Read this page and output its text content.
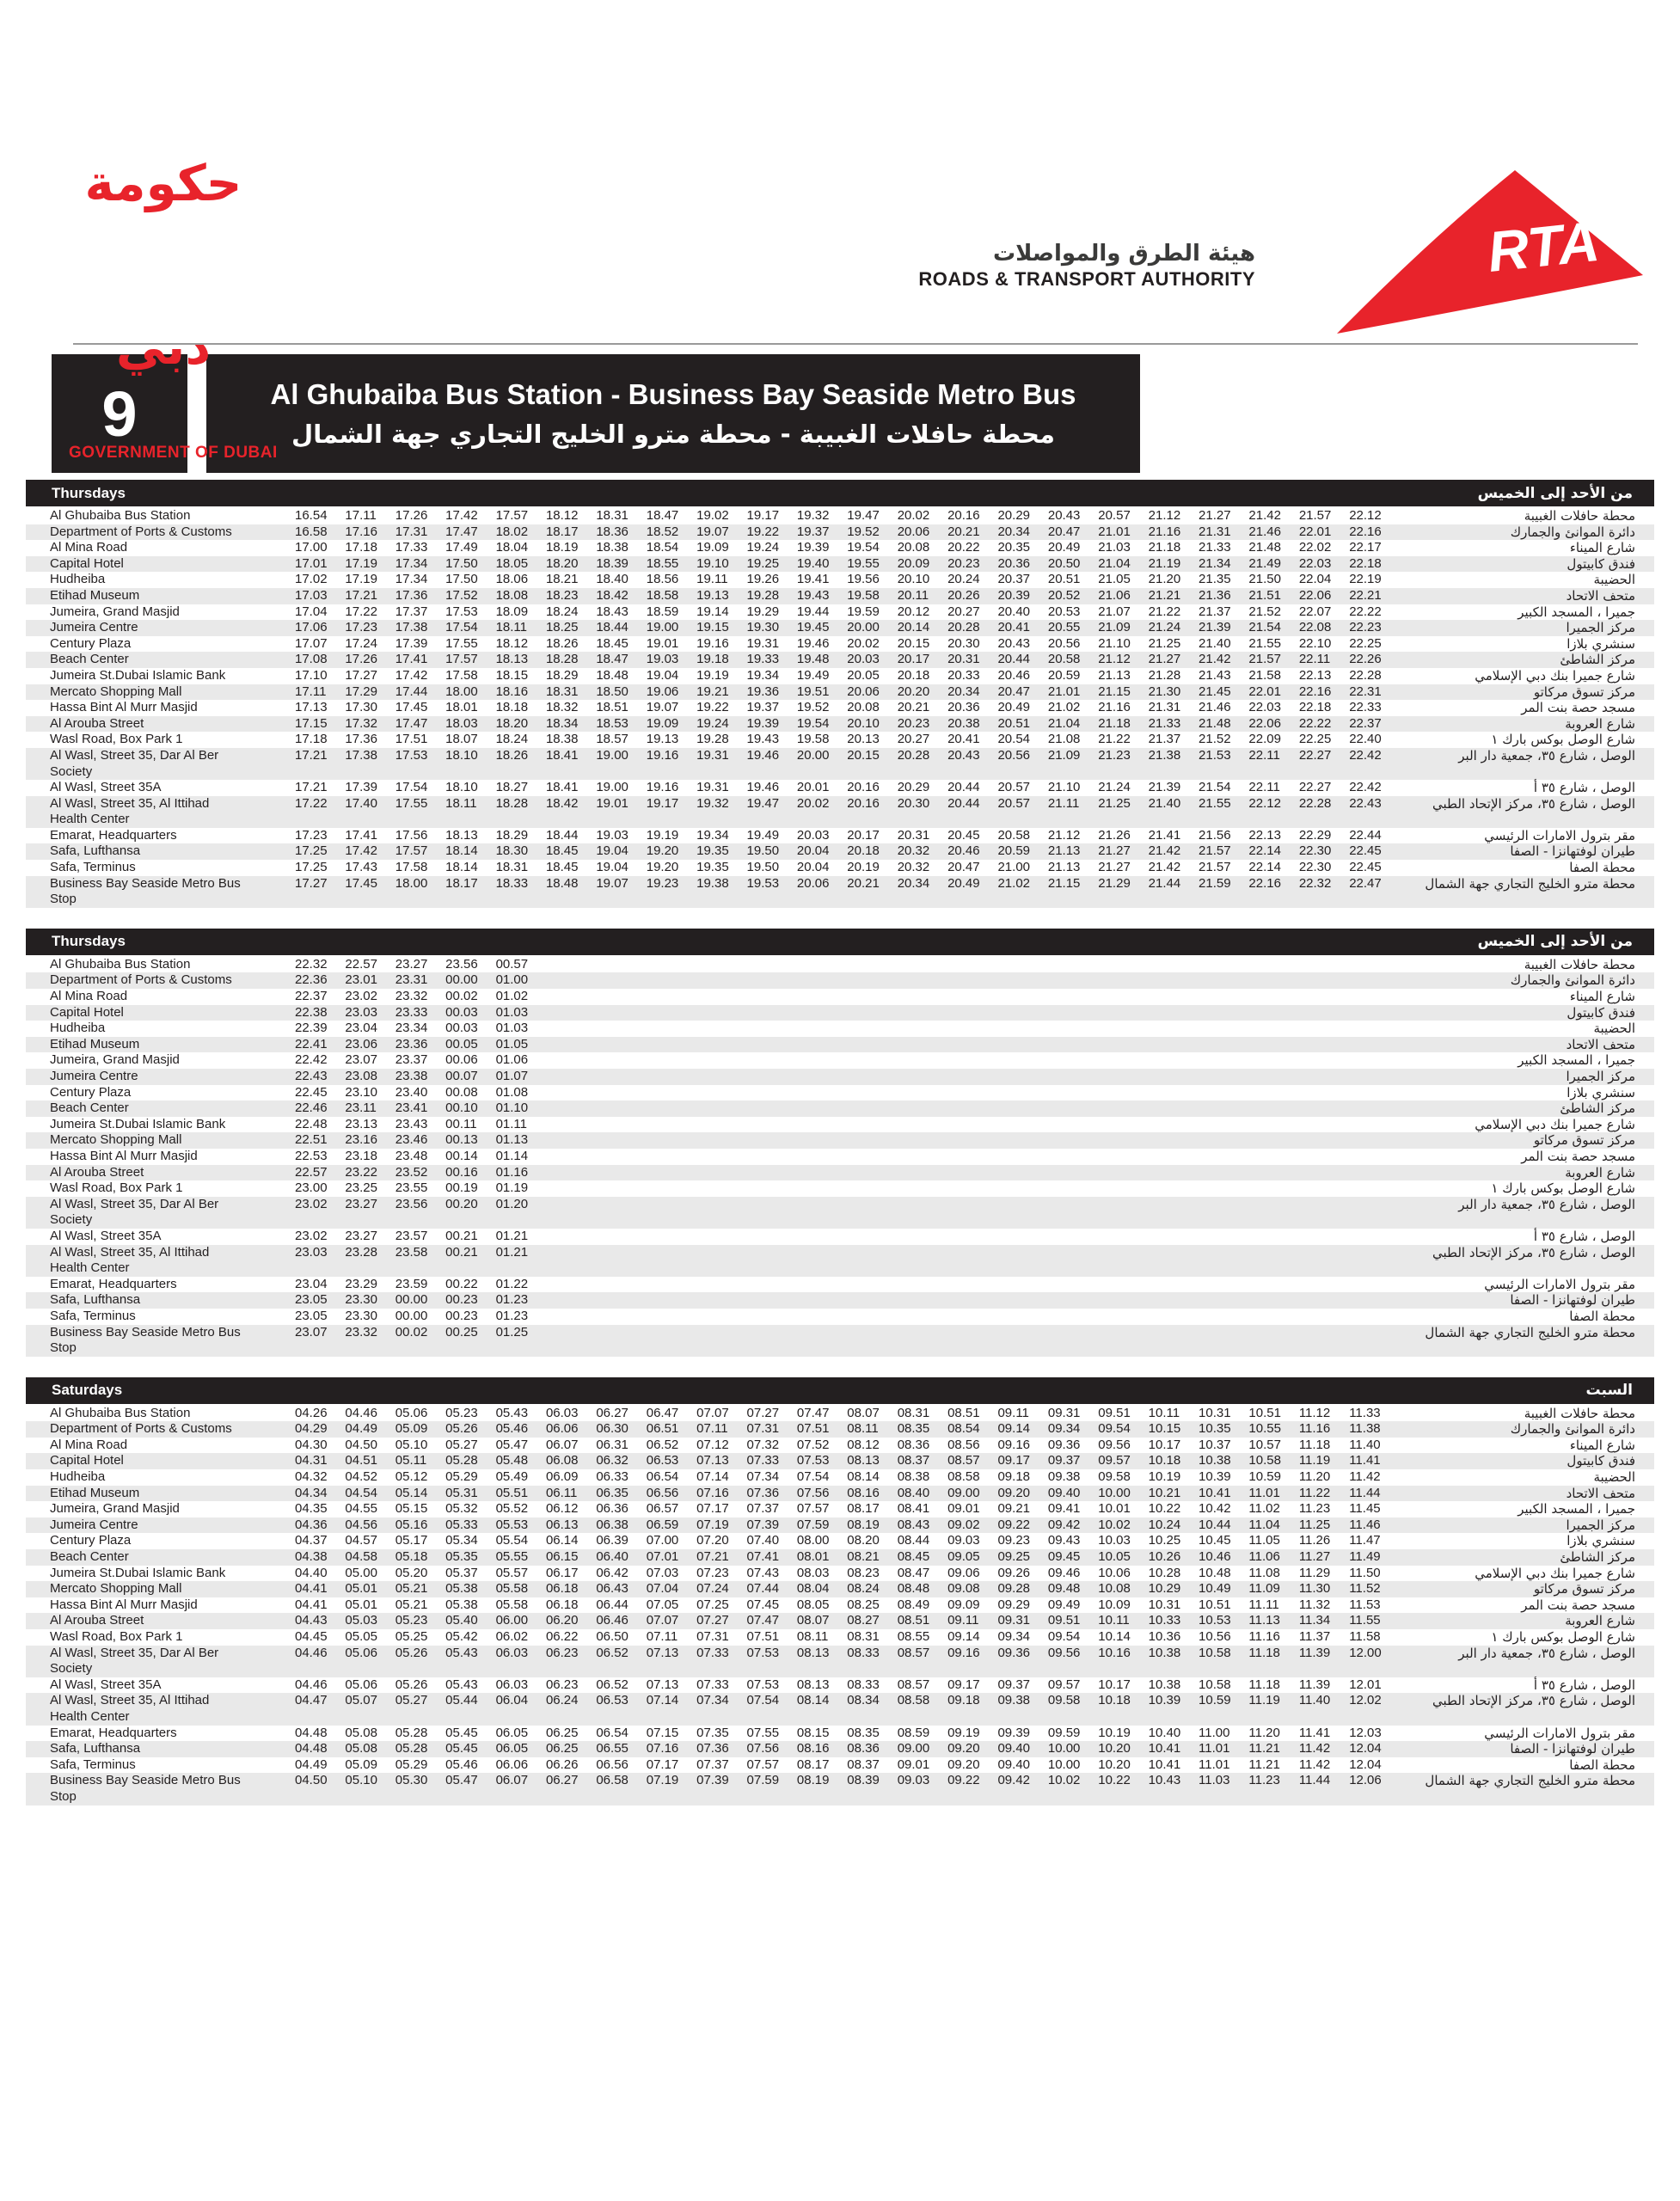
حكومة دبي
GOVERNMENT OF DUBAI
هيئة الطرق والمواصلات
ROADS & TRANSPORT AUTHORITY	RTA
9	Al Ghubaiba Bus Station - Business Bay Seaside Metro Bus
محطة حافلات الغبيبة - محطة مترو الخليج التجاري جهة الشمال
Thursdays	من الأحد إلى الخميس
Al Ghubaiba Bus Station	16.54 17.11 17.26 17.42 17.57 18.12 18.31 18.47 19.02 19.17 19.32 19.47 20.02 20.16 20.29 20.43 20.57 21.12 21.27 21.42 21.57 22.12	محطة حافلات الغبيبة
Department of Ports & Customs	16.58 17.16 17.31 17.47 18.02 18.17 18.36 18.52 19.07 19.22 19.37 19.52 20.06 20.21 20.34 20.47 21.01 21.16 21.31 21.46 22.01 22.16	دائرة الموانئ والجمارك
Al Mina Road	17.00 17.18 17.33 17.49 18.04 18.19 18.38 18.54 19.09 19.24 19.39 19.54 20.08 20.22 20.35 20.49 21.03 21.18 21.33 21.48 22.02 22.17	شارع الميناء
Capital Hotel	17.01 17.19 17.34 17.50 18.05 18.20 18.39 18.55 19.10 19.25 19.40 19.55 20.09 20.23 20.36 20.50 21.04 21.19 21.34 21.49 22.03 22.18	فندق كابيتول
Hudheiba	17.02 17.19 17.34 17.50 18.06 18.21 18.40 18.56 19.11 19.26 19.41 19.56 20.10 20.24 20.37 20.51 21.05 21.20 21.35 21.50 22.04 22.19	الحضيبة
Etihad Museum	17.03 17.21 17.36 17.52 18.08 18.23 18.42 18.58 19.13 19.28 19.43 19.58 20.11 20.26 20.39 20.52 21.06 21.21 21.36 21.51 22.06 22.21	متحف الاتحاد
Jumeira, Grand Masjid	17.04 17.22 17.37 17.53 18.09 18.24 18.43 18.59 19.14 19.29 19.44 19.59 20.12 20.27 20.40 20.53 21.07 21.22 21.37 21.52 22.07 22.22	جميرا ، المسجد الكبير
Jumeira Centre	17.06 17.23 17.38 17.54 18.11 18.25 18.44 19.00 19.15 19.30 19.45 20.00 20.14 20.28 20.41 20.55 21.09 21.24 21.39 21.54 22.08 22.23	مركز الجميرا
Century Plaza	17.07 17.24 17.39 17.55 18.12 18.26 18.45 19.01 19.16 19.31 19.46 20.02 20.15 20.30 20.43 20.56 21.10 21.25 21.40 21.55 22.10 22.25	سنشري بلازا
Beach Center	17.08 17.26 17.41 17.57 18.13 18.28 18.47 19.03 19.18 19.33 19.48 20.03 20.17 20.31 20.44 20.58 21.12 21.27 21.42 21.57 22.11 22.26	مركز الشاطئ
Jumeira St.Dubai Islamic Bank	17.10 17.27 17.42 17.58 18.15 18.29 18.48 19.04 19.19 19.34 19.49 20.05 20.18 20.33 20.46 20.59 21.13 21.28 21.43 21.58 22.13 22.28	شارع جميرا بنك دبي الإسلامي
Mercato Shopping Mall	17.11 17.29 17.44 18.00 18.16 18.31 18.50 19.06 19.21 19.36 19.51 20.06 20.20 20.34 20.47 21.01 21.15 21.30 21.45 22.01 22.16 22.31	مركز تسوق مركاتو
Hassa Bint Al Murr Masjid	17.13 17.30 17.45 18.01 18.18 18.32 18.51 19.07 19.22 19.37 19.52 20.08 20.21 20.36 20.49 21.02 21.16 21.31 21.46 22.03 22.18 22.33	مسجد حصة بنت المر
Al Arouba Street	17.15 17.32 17.47 18.03 18.20 18.34 18.53 19.09 19.24 19.39 19.54 20.10 20.23 20.38 20.51 21.04 21.18 21.33 21.48 22.06 22.22 22.37	شارع العروبة
Wasl Road, Box Park 1	17.18 17.36 17.51 18.07 18.24 18.38 18.57 19.13 19.28 19.43 19.58 20.13 20.27 20.41 20.54 21.08 21.22 21.37 21.52 22.09 22.25 22.40	شارع الوصل بوكس بارك ١
Al Wasl, Street 35, Dar Al Ber Society
17.21 17.38 17.53 18.10 18.26 18.41 19.00 19.16 19.31 19.46 20.00 20.15 20.28 20.43 20.56 21.09 21.23 21.38 21.53 22.11 22.27 22.42	الوصل ، شارع ٣٥، جمعية دار البر
Al Wasl, Street 35A	17.21 17.39 17.54 18.10 18.27 18.41 19.00 19.16 19.31 19.46 20.01 20.16 20.29 20.44 20.57 21.10 21.24 21.39 21.54 22.11 22.27 22.42	الوصل ، شارع ٣٥ أ
Al Wasl, Street 35, Al Ittihad Health Center
17.22 17.40 17.55 18.11 18.28 18.42 19.01 19.17 19.32 19.47 20.02 20.16 20.30 20.44 20.57 21.11 21.25 21.40 21.55 22.12 22.28 22.43	الوصل ، شارع ٣٥، مركز الإتحاد الطبي
Emarat, Headquarters	17.23 17.41 17.56 18.13 18.29 18.44 19.03 19.19 19.34 19.49 20.03 20.17 20.31 20.45 20.58 21.12 21.26 21.41 21.56 22.13 22.29 22.44	مقر بترول الامارات الرئيسي
Safa, Lufthansa	17.25 17.42 17.57 18.14 18.30 18.45 19.04 19.20 19.35 19.50 20.04 20.18 20.32 20.46 20.59 21.13 21.27 21.42 21.57 22.14 22.30 22.45	طيران لوفتهانزا - الصفا
Safa, Terminus	17.25 17.43 17.58 18.14 18.31 18.45 19.04 19.20 19.35 19.50 20.04 20.19 20.32 20.47 21.00 21.13 21.27 21.42 21.57 22.14 22.30 22.45	محطة الصفا
Business Bay Seaside Metro Bus Stop
17.27 17.45 18.00 18.17 18.33 18.48 19.07 19.23 19.38 19.53 20.06 20.21 20.34 20.49 21.02 21.15 21.29 21.44 21.59 22.16 22.32 22.47	محطة مترو الخليج التجاري جهة الشمال
Thursdays	من الأحد إلى الخميس
Al Ghubaiba Bus Station	22.32 22.57 23.27 23.56 00.57	محطة حافلات الغبيبة
Department of Ports & Customs	22.36 23.01 23.31 00.00 01.00	دائرة الموانئ والجمارك
Al Mina Road	22.37 23.02 23.32 00.02 01.02	شارع الميناء
Capital Hotel	22.38 23.03 23.33 00.03 01.03	فندق كابيتول
Hudheiba	22.39 23.04 23.34 00.03 01.03	الحضيبة
Etihad Museum	22.41 23.06 23.36 00.05 01.05	متحف الاتحاد
Jumeira, Grand Masjid	22.42 23.07 23.37 00.06 01.06	جميرا ، المسجد الكبير
Jumeira Centre	22.43 23.08 23.38 00.07 01.07	مركز الجميرا
Century Plaza	22.45 23.10 23.40 00.08 01.08	سنشري بلازا
Beach Center	22.46 23.11 23.41 00.10 01.10	مركز الشاطئ
Jumeira St.Dubai Islamic Bank	22.48 23.13 23.43 00.11 01.11	شارع جميرا بنك دبي الإسلامي
Mercato Shopping Mall	22.51 23.16 23.46 00.13 01.13	مركز تسوق مركاتو
Hassa Bint Al Murr Masjid	22.53 23.18 23.48 00.14 01.14	مسجد حصة بنت المر
Al Arouba Street	22.57 23.22 23.52 00.16 01.16	شارع العروبة
Wasl Road, Box Park 1	23.00 23.25 23.55 00.19 01.19	شارع الوصل بوكس بارك ١
Al Wasl, Street 35, Dar Al Ber Society
23.02 23.27 23.56 00.20 01.20	الوصل ، شارع ٣٥، جمعية دار البر
Al Wasl, Street 35A	23.02 23.27 23.57 00.21 01.21	الوصل ، شارع ٣٥ أ
Al Wasl, Street 35, Al Ittihad Health Center
23.03 23.28 23.58 00.21 01.21	الوصل ، شارع ٣٥، مركز الإتحاد الطبي
Emarat, Headquarters	23.04 23.29 23.59 00.22 01.22	مقر بترول الامارات الرئيسي
Safa, Lufthansa	23.05 23.30 00.00 00.23 01.23	طيران لوفتهانزا - الصفا
Safa, Terminus	23.05 23.30 00.00 00.23 01.23	محطة الصفا
Business Bay Seaside Metro Bus Stop
23.07 23.32 00.02 00.25 01.25	محطة مترو الخليج التجاري جهة الشمال
Saturdays	السبت
Al Ghubaiba Bus Station	04.26 04.46 05.06 05.23 05.43 06.03 06.27 06.47 07.07 07.27 07.47 08.07 08.31 08.51 09.11 09.31 09.51 10.11 10.31 10.51 11.12 11.33	محطة حافلات الغبيبة
Department of Ports & Customs	04.29 04.49 05.09 05.26 05.46 06.06 06.30 06.51 07.11 07.31 07.51 08.11 08.35 08.54 09.14 09.34 09.54 10.15 10.35 10.55 11.16 11.38	دائرة الموانئ والجمارك
Al Mina Road	04.30 04.50 05.10 05.27 05.47 06.07 06.31 06.52 07.12 07.32 07.52 08.12 08.36 08.56 09.16 09.36 09.56 10.17 10.37 10.57 11.18 11.40	شارع الميناء
Capital Hotel	04.31 04.51 05.11 05.28 05.48 06.08 06.32 06.53 07.13 07.33 07.53 08.13 08.37 08.57 09.17 09.37 09.57 10.18 10.38 10.58 11.19 11.41	فندق كابيتول
Hudheiba	04.32 04.52 05.12 05.29 05.49 06.09 06.33 06.54 07.14 07.34 07.54 08.14 08.38 08.58 09.18 09.38 09.58 10.19 10.39 10.59 11.20 11.42	الحضيبة
Etihad Museum	04.34 04.54 05.14 05.31 05.51 06.11 06.35 06.56 07.16 07.36 07.56 08.16 08.40 09.00 09.20 09.40 10.00 10.21 10.41 11.01 11.22 11.44	متحف الاتحاد
Jumeira, Grand Masjid	04.35 04.55 05.15 05.32 05.52 06.12 06.36 06.57 07.17 07.37 07.57 08.17 08.41 09.01 09.21 09.41 10.01 10.22 10.42 11.02 11.23 11.45	جميرا ، المسجد الكبير
Jumeira Centre	04.36 04.56 05.16 05.33 05.53 06.13 06.38 06.59 07.19 07.39 07.59 08.19 08.43 09.02 09.22 09.42 10.02 10.24 10.44 11.04 11.25 11.46	مركز الجميرا
Century Plaza	04.37 04.57 05.17 05.34 05.54 06.14 06.39 07.00 07.20 07.40 08.00 08.20 08.44 09.03 09.23 09.43 10.03 10.25 10.45 11.05 11.26 11.47	سنشري بلازا
Beach Center	04.38 04.58 05.18 05.35 05.55 06.15 06.40 07.01 07.21 07.41 08.01 08.21 08.45 09.05 09.25 09.45 10.05 10.26 10.46 11.06 11.27 11.49	مركز الشاطئ
Jumeira St.Dubai Islamic Bank	04.40 05.00 05.20 05.37 05.57 06.17 06.42 07.03 07.23 07.43 08.03 08.23 08.47 09.06 09.26 09.46 10.06 10.28 10.48 11.08 11.29 11.50	شارع جميرا بنك دبي الإسلامي
Mercato Shopping Mall	04.41 05.01 05.21 05.38 05.58 06.18 06.43 07.04 07.24 07.44 08.04 08.24 08.48 09.08 09.28 09.48 10.08 10.29 10.49 11.09 11.30 11.52	مركز تسوق مركاتو
Hassa Bint Al Murr Masjid	04.41 05.01 05.21 05.38 05.58 06.18 06.44 07.05 07.25 07.45 08.05 08.25 08.49 09.09 09.29 09.49 10.09 10.31 10.51 11.11 11.32 11.53	مسجد حصة بنت المر
Al Arouba Street	04.43 05.03 05.23 05.40 06.00 06.20 06.46 07.07 07.27 07.47 08.07 08.27 08.51 09.11 09.31 09.51 10.11 10.33 10.53 11.13 11.34 11.55	شارع العروبة
Wasl Road, Box Park 1	04.45 05.05 05.25 05.42 06.02 06.22 06.50 07.11 07.31 07.51 08.11 08.31 08.55 09.14 09.34 09.54 10.14 10.36 10.56 11.16 11.37 11.58	شارع الوصل بوكس بارك ١
Al Wasl, Street 35, Dar Al Ber Society
04.46 05.06 05.26 05.43 06.03 06.23 06.52 07.13 07.33 07.53 08.13 08.33 08.57 09.16 09.36 09.56 10.16 10.38 10.58 11.18 11.39 12.00	الوصل ، شارع ٣٥، جمعية دار البر
Al Wasl, Street 35A	04.46 05.06 05.26 05.43 06.03 06.23 06.52 07.13 07.33 07.53 08.13 08.33 08.57 09.17 09.37 09.57 10.17 10.38 10.58 11.18 11.39 12.01	الوصل ، شارع ٣٥ أ
Al Wasl, Street 35, Al Ittihad Health Center
04.47 05.07 05.27 05.44 06.04 06.24 06.53 07.14 07.34 07.54 08.14 08.34 08.58 09.18 09.38 09.58 10.18 10.39 10.59 11.19 11.40 12.02	الوصل ، شارع ٣٥، مركز الإتحاد الطبي
Emarat, Headquarters	04.48 05.08 05.28 05.45 06.05 06.25 06.54 07.15 07.35 07.55 08.15 08.35 08.59 09.19 09.39 09.59 10.19 10.40 11.00 11.20 11.41 12.03	مقر بترول الامارات الرئيسي
Safa, Lufthansa	04.48 05.08 05.28 05.45 06.05 06.25 06.55 07.16 07.36 07.56 08.16 08.36 09.00 09.20 09.40 10.00 10.20 10.41 11.01 11.21 11.42 12.04	طيران لوفتهانزا - الصفا
Safa, Terminus	04.49 05.09 05.29 05.46 06.06 06.26 06.56 07.17 07.37 07.57 08.17 08.37 09.01 09.20 09.40 10.00 10.20 10.41 11.01 11.21 11.42 12.04	محطة الصفا
Business Bay Seaside Metro Bus Stop
04.50 05.10 05.30 05.47 06.07 06.27 06.58 07.19 07.39 07.59 08.19 08.39 09.03 09.22 09.42 10.02 10.22 10.43 11.03 11.23 11.44 12.06	محطة مترو الخليج التجاري جهة الشمال
